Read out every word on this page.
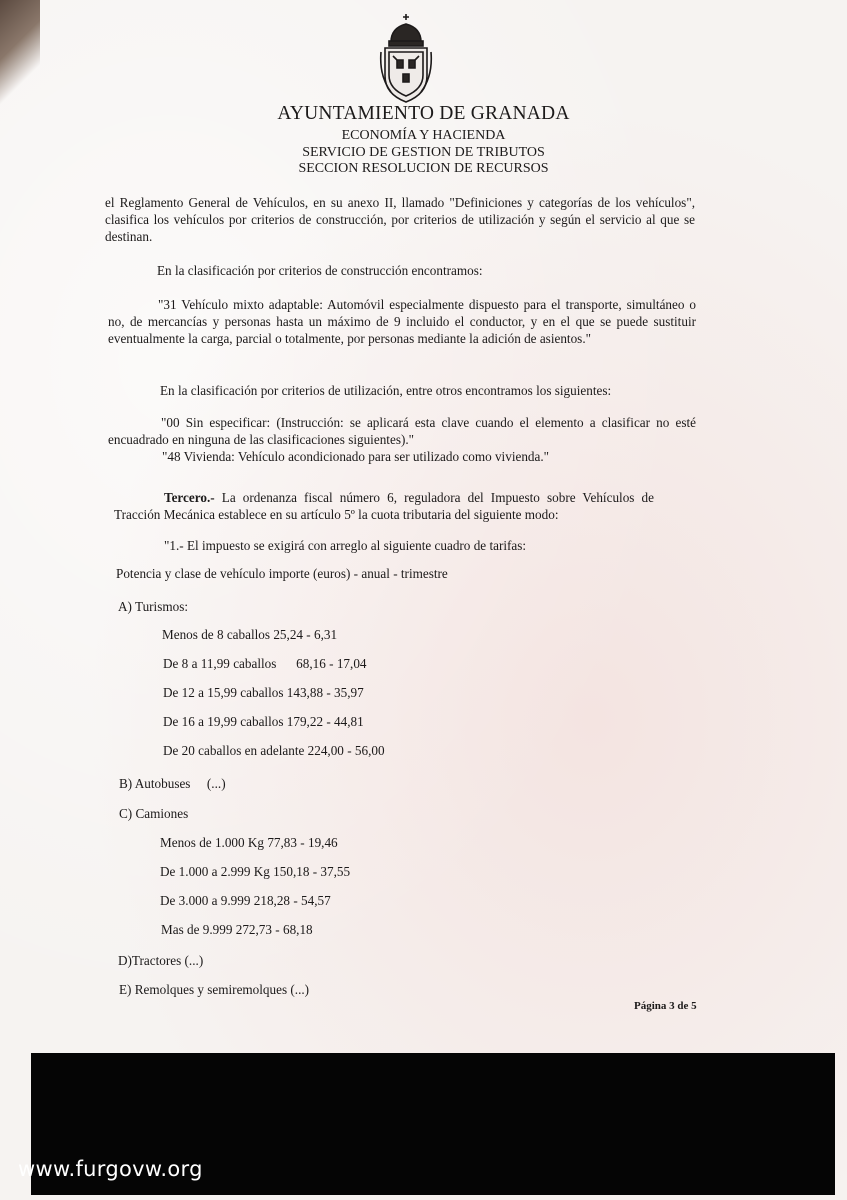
AYUNTAMIENTO DE GRANADA
ECONOMÍA Y HACIENDA
SERVICIO DE GESTION DE TRIBUTOS
SECCION RESOLUCION DE RECURSOS
el Reglamento General de Vehículos, en su anexo II, llamado "Definiciones y categorías de los vehículos", clasifica los vehículos por criterios de construcción, por criterios de utilización y según el servicio al que se destinan.
En la clasificación por criterios de construcción encontramos:
"31 Vehículo mixto adaptable: Automóvil especialmente dispuesto para el transporte, simultáneo o no, de mercancías y personas hasta un máximo de 9 incluido el conductor, y en el que se puede sustituir eventualmente la carga, parcial o totalmente, por personas mediante la adición de asientos."
En la clasificación por criterios de utilización, entre otros encontramos los siguientes:
"00 Sin especificar: (Instrucción: se aplicará esta clave cuando el elemento a clasificar no esté encuadrado en ninguna de las clasificaciones siguientes)."
"48 Vivienda: Vehículo acondicionado para ser utilizado como vivienda."
Tercero.- La ordenanza fiscal número 6, reguladora del Impuesto sobre Vehículos de Tracción Mecánica establece en su artículo 5º la cuota tributaria del siguiente modo:
"1.- El impuesto se exigirá con arreglo al siguiente cuadro de tarifas:
Potencia y clase de vehículo importe (euros) - anual - trimestre
A) Turismos:
Menos de 8 caballos 25,24 - 6,31
De 8 a 11,99 caballos      68,16 - 17,04
De 12 a 15,99 caballos 143,88 - 35,97
De 16 a 19,99 caballos 179,22 - 44,81
De 20 caballos en adelante 224,00 - 56,00
B) Autobuses     (...)
C) Camiones
Menos de 1.000 Kg 77,83 - 19,46
De 1.000 a 2.999 Kg 150,18 - 37,55
De 3.000 a 9.999 218,28 - 54,57
Mas de 9.999 272,73 - 68,18
D)Tractores (...)
E) Remolques y semiremolques (...)
Página 3 de 5
www.furgovw.org
